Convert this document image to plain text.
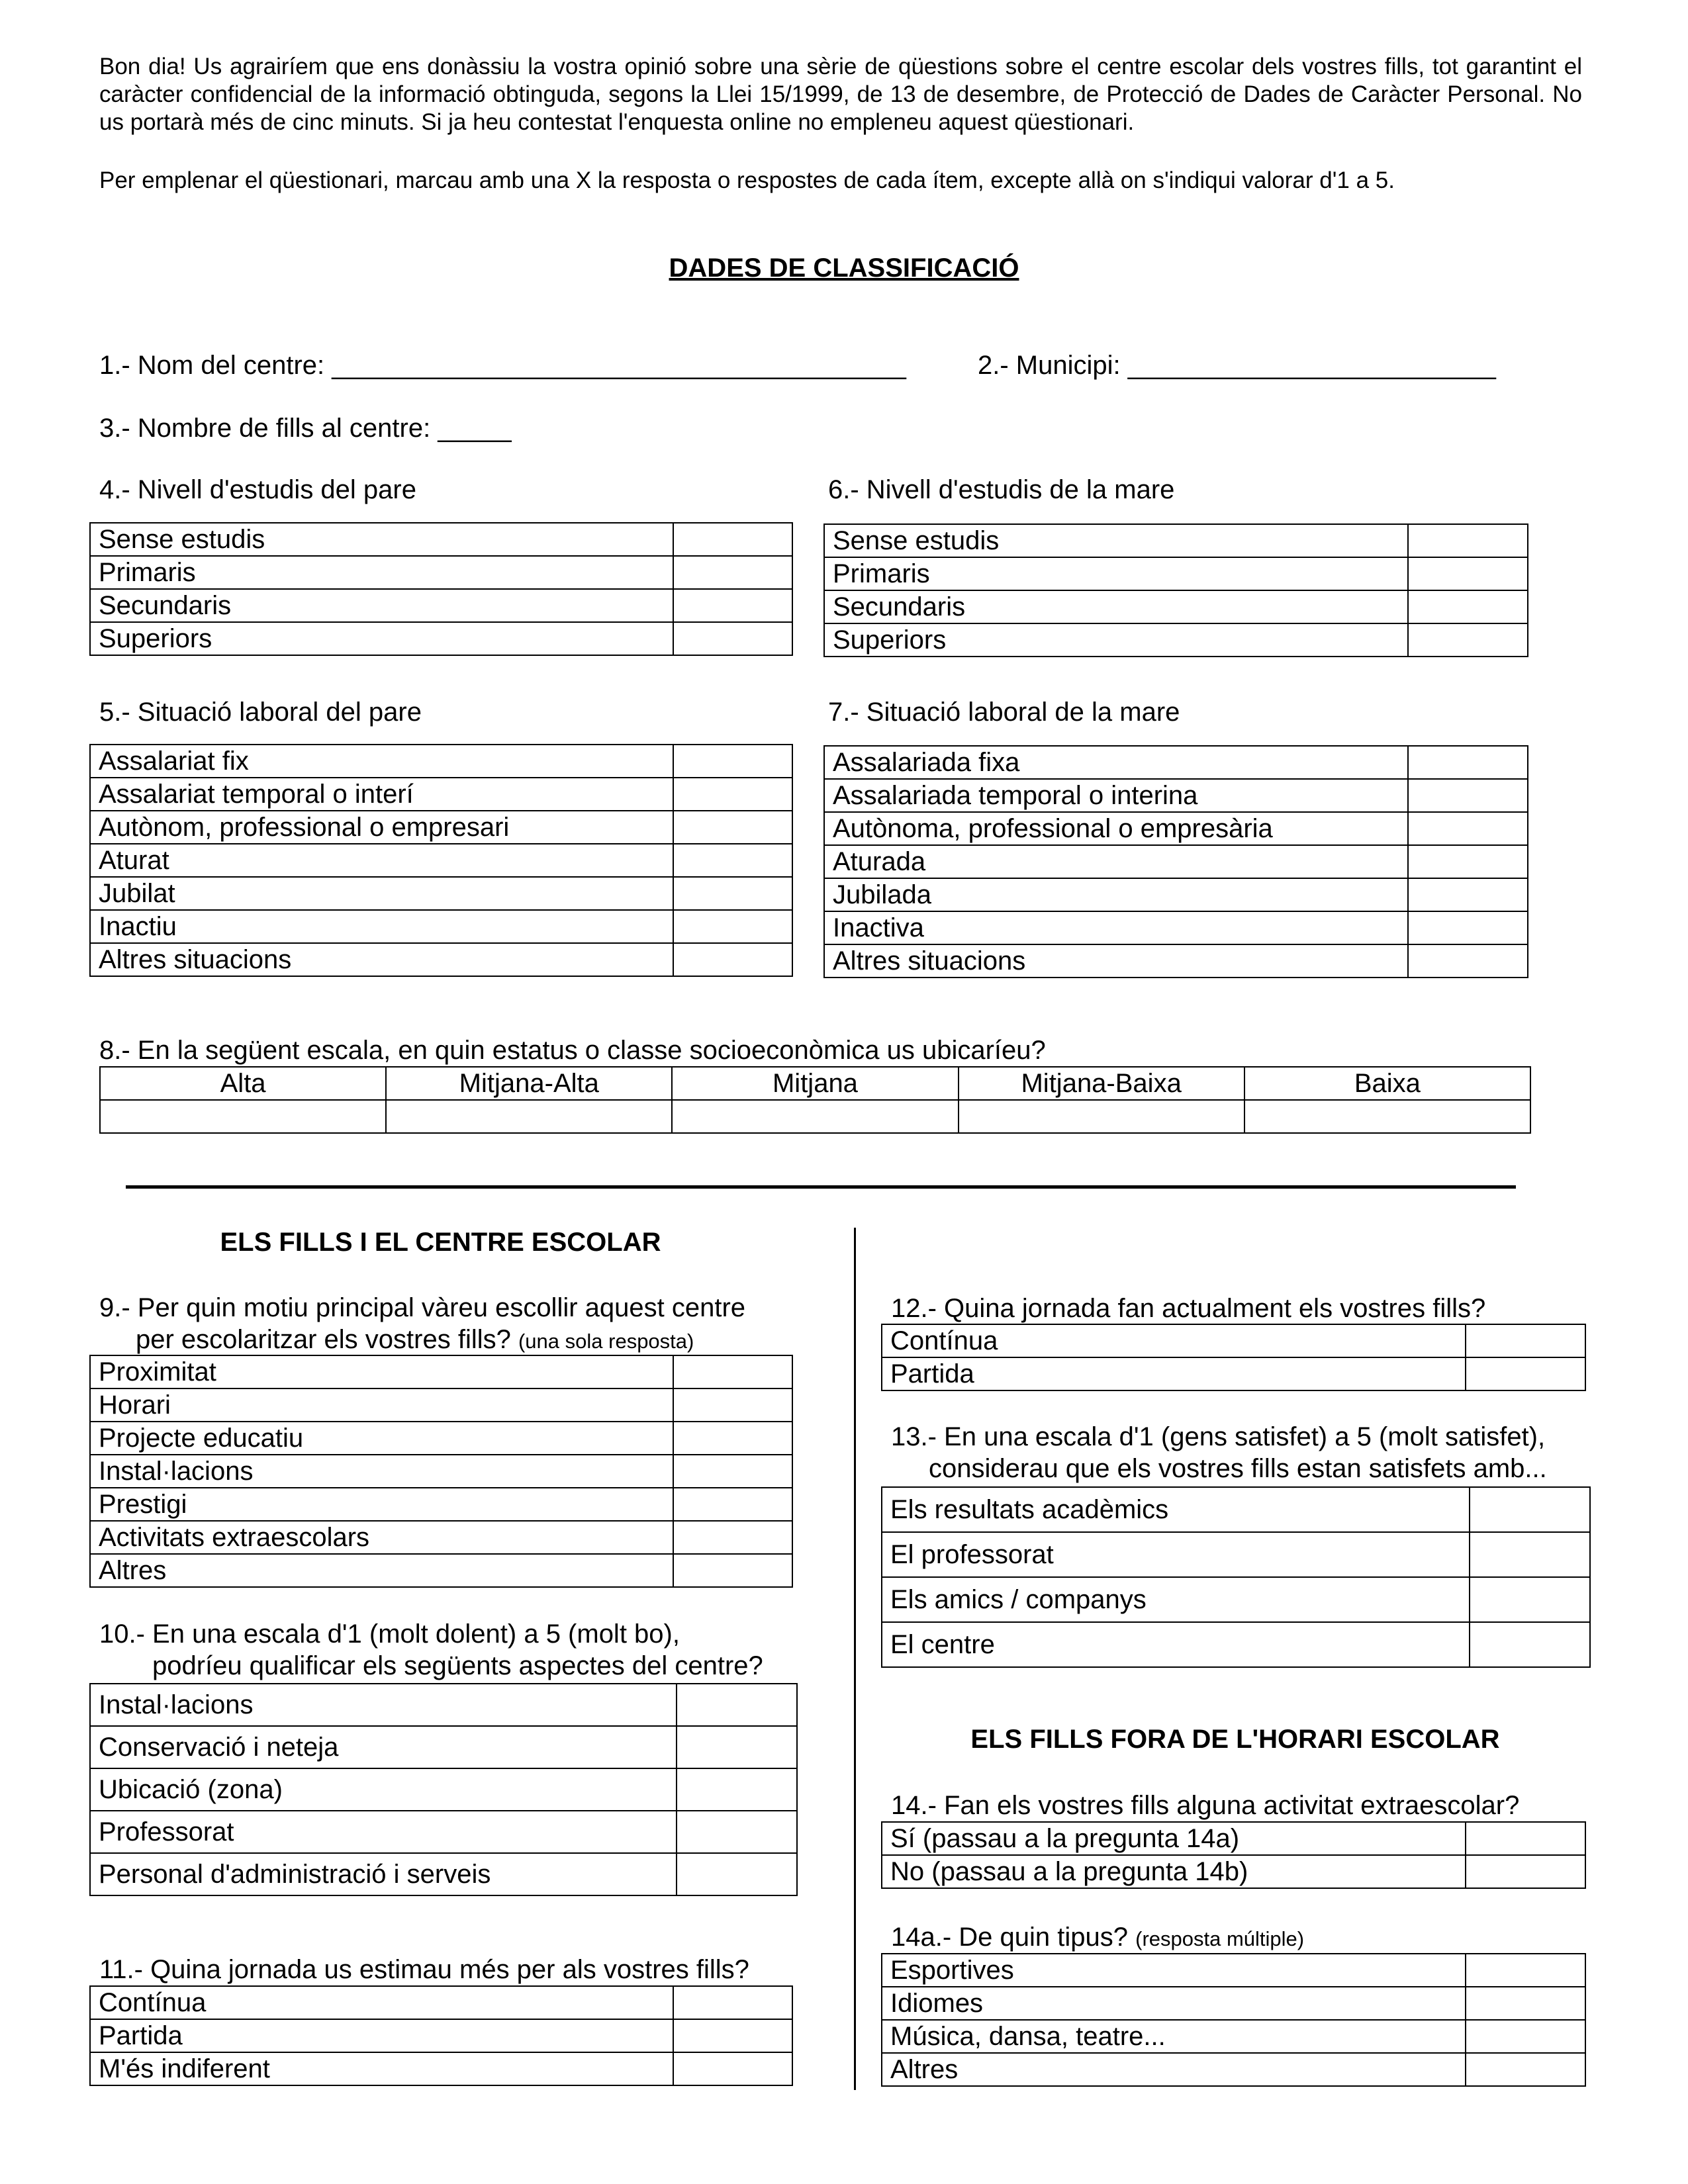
Bon dia! Us agrairíem que ens donàssiu la vostra opinió sobre una sèrie de qüestions sobre el centre escolar dels vostres fills, tot garantint el caràcter confidencial de la informació obtinguda, segons la Llei 15/1999, de 13 de desembre, de Protecció de Dades de Caràcter Personal. No us portarà més de cinc minuts. Si ja heu contestat l'enquesta online no empleneu aquest qüestionari.
Per emplenar el qüestionari, marcau amb una X la resposta o respostes de cada ítem, excepte allà on s'indiqui valorar d'1 a 5.
DADES DE CLASSIFICACIÓ
1.- Nom del centre: _______________________________________	2.- Municipi: _________________________
3.- Nombre de fills al centre: _____
4.- Nivell d'estudis del pare
Sense estudis	
Primaris	
Secundaris	
Superiors	
6.- Nivell d'estudis de la mare
Sense estudis	
Primaris	
Secundaris	
Superiors	
5.- Situació laboral del pare
Assalariat fix	
Assalariat temporal o interí	
Autònom, professional o empresari	
Aturat	
Jubilat	
Inactiu	
Altres situacions	
7.- Situació laboral de la mare
Assalariada fixa	
Assalariada temporal o interina	
Autònoma, professional o empresària	
Aturada	
Jubilada	
Inactiva	
Altres situacions	
8.- En la següent escala, en quin estatus o classe socioeconòmica us ubicaríeu?
Alta	Mitjana-Alta	Mitjana	Mitjana-Baixa	Baixa

ELS FILLS I EL CENTRE ESCOLAR
9.- Per quin motiu principal vàreu escollir aquest centre
per escolaritzar els vostres fills? (una sola resposta)
Proximitat	
Horari	
Projecte educatiu	
Instal·lacions	
Prestigi	
Activitats extraescolars	
Altres	
10.- En una escala d'1 (molt dolent) a 5 (molt bo),
podríeu qualificar els següents aspectes del centre?
Instal·lacions	
Conservació i neteja	
Ubicació (zona)	
Professorat	
Personal d'administració i serveis	
11.- Quina jornada us estimau més per als vostres fills?
Contínua	
Partida	
M'és indiferent	
12.- Quina jornada fan actualment els vostres fills?
Contínua	
Partida	
13.- En una escala d'1 (gens satisfet) a 5 (molt satisfet),
considerau que els vostres fills estan satisfets amb...
Els resultats acadèmics	
El professorat	
Els amics / companys	
El centre	
ELS FILLS FORA DE L'HORARI ESCOLAR
14.- Fan els vostres fills alguna activitat extraescolar?
Sí (passau a la pregunta 14a)	
No (passau a la pregunta 14b)	
14a.- De quin tipus? (resposta múltiple)
Esportives	
Idiomes	
Música, dansa, teatre...	
Altres	
